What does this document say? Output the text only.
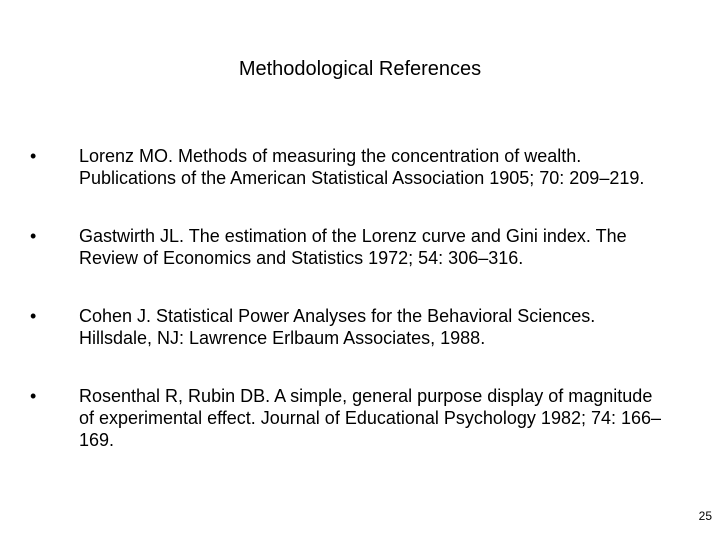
Methodological References
•	Lorenz MO. Methods of measuring the concentration of wealth. Publications of the American Statistical Association 1905; 70: 209–219.
•	Gastwirth JL. The estimation of the Lorenz curve and Gini index. The Review of Economics and Statistics 1972; 54: 306–316.
•	Cohen J. Statistical Power Analyses for the Behavioral Sciences. Hillsdale, NJ: Lawrence Erlbaum Associates, 1988.
•	Rosenthal R, Rubin DB. A simple, general purpose display of magnitude of experimental effect. Journal of Educational Psychology 1982; 74: 166–169.
25
